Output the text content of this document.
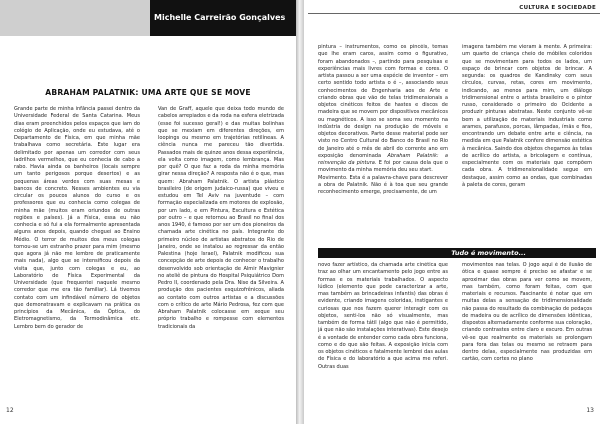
Michelle Carreirão Gonçalves
ABRAHAM PALATNIK: UMA ARTE QUE SE MOVE

Grande parte de minha infância passei dentro da Universidade Federal de Santa Catarina. Meus dias eram preenchidos pelos espaços que iam do colégio de Aplicação, onde eu estudava, até o Departamento de Física, em que minha mãe trabalhava como secretária. Este lugar era delimitado por apenas um corredor com seus ladrilhos vermelhos, que eu conhecia de cabo a rabo. Havia ainda os banheiros (locais sempre um tanto perigosos porque desertos) e as pequenas áreas verdes com suas mesas e bancos de concreto. Nesses ambientes eu via circular os poucos alunos do curso e os professores que eu conhecia como colegas de minha mãe (muitos eram oriundos de outras regiões e países). Já a Física, essa eu não conhecia e só fui a ela formalmente apresentada alguns anos depois, quando cheguei ao Ensino Médio. O terror de muitos dos meus colegas tornou-se um estranho prazer para mim (mesmo que agora já não me lembre de praticamente mais nada), algo que se intensificou depois da visita que, junto com colegas e eu, ao Laboratório de Física Experimental da Universidade (que frequentei naquele mesmo corredor que me era tão familiar). Lá tivemos contato com um infindável número de objetos que demonstravam e explicavam na prática os princípios da Mecânica, da Óptica, do Eletromagnetismo, da Termodinâmica etc. Lembro bem do gerador de

Van de Graff, aquele que deixa todo mundo de cabelos arrepiados e da roda na esfera eletrizada (esse foi sucesso geral!) e das muitas bolinhas que se mexiam em diferentes direções, em loopings ou mesmo em trajetórias retilíneas. A ciência nunca me pareceu tão divertida. Passados mais de quinze anos dessa experiência, ela volta como imagem, como lembrança. Mas por quê? O que faz a roda da minha memória girar nessa direção? A resposta não é o que, mas quem: Abraham Palatnik. O artista plástico brasileiro (de origem judaico-russa) que viveu e estudou em Tel Aviv na juventude – com formação especializada em motores de explosão, por um lado, e em Pintura, Escultura e Estética por outro – e que retornou ao Brasil no final dos anos 1940, é famoso por ser um dos pioneiros da chamada arte cinética no país. Integrante do primeiro núcleo de artistas abstratos do Rio de Janeiro, onde se instalou ao regressar da então Palestina (hoje Israel), Palatnik modificou sua concepção de arte depois de conhecer o trabalho desenvolvido sob orientação de Almir Mavignier no ateliê de pintura do Hospital Psiquiátrico Dom Pedro II, coordenado pela Dra. Nise da Silveira. A produção dos pacientes esquizofrênicos, aliada ao contato com outros artistas e a discussões com o crítico de arte Mário Pedrosa, fez com que Abraham Palatnik colocasse em xeque seu próprio trabalho e rompesse com elementos tradicionais da

12
CULTURA E SOCIEDADE

pintura – instrumentos, como os pincéis, temas que lhe eram caros, assim como o figurativo, foram abandonados –, partindo para pesquisas e experiências mais livres com formas e cores. O artista passou a ser uma espécie de inventor – em certo sentido todo artista o é –, associando seus conhecimentos de Engenharia aos de Arte e criando obras que vão de telas tridimensionais a objetos cinéticos feitos de hastes e discos de madeira que se movem por dispositivos mecânicos ou magnéticos. A isso se soma seu momento na indústria de design na produção de móveis e objetos decorativos. Parte desse material pode ser visto no Centro Cultural do Banco do Brasil no Rio de Janeiro até o mês de abril do corrente ano em exposição denominada Abraham Palatnik: a reinvenção da pintura. E foi por causa dela que o movimento da minha memória deu seu start.

Movimento. Esta é a palavra-chave para descrever a obra de Palatnik. Não é à toa que seu grande reconhecimento emerge, precisamente, de um

imagens também me vieram à mente. A primeira: um quarto de criança cheio de móbiles coloridos que se movimentam para todos os lados, um espaço de brincar com objetos de brincar. A segunda: os quadros de Kandinsky com seus círculos, curvas, retas, cores em movimento, indicando, ao menos para mim, um diálogo tridimensional entre o artista brasileiro e o pintor russo, considerado o primeiro do Ocidente a produzir pinturas abstratas. Neste conjunto vê-se bem a utilização de materiais industriais como arames, parafusos, porcas, lâmpadas, ímãs e fios, encontrando um debate entre arte e ciência, na medida em que Palatnik confere dimensão estética à mecânica. Saindo dos objetos chegamos às telas de acrílico do artista, a bricolagem e contínua, especialmente com os materiais que compõem cada obra. A tridimensionalidade segue em destaque, assim como as ondas, que combinadas à paleta de cores, geram

Tudo é movimento...

novo fazer artístico, da chamada arte cinética que traz ao olhar um encantamento pelo jogo entre as formas e os materiais trabalhados. O aspecto lúdico (elemento que pode caracterizar a arte, mas também as brincadeiras infantis) das obras é evidente, criando imagens coloridas, instigantes e curiosas que nos fazem querer interagir com os objetos, senti-los não só visualmente, mas também de forma tátil (algo que não é permitido, já que não são instalações interativas). Este desejo é a vontade de entender como cada obra funciona, como e do que são feitas. A exposição inicia com os objetos cinéticos e fatalmente lembrei das aulas de Física e do laboratório a que acima me referi. Outras duas

movimentos nas telas. O jogo aqui é de ilusão de ótica e quase sempre é preciso se afastar e se aproximar das obras para ver como se movem, mas também, como foram feitas, com que materiais e recursos. Fascinante é notar que em muitas delas a sensação de tridimensionalidade não passa do resultado da combinação de pedaços de madeira ou de acrílico de dimensões idênticas, dispostos alternadamente conforme sua coloração, criando contrastes entre claro e escuro. Em outras vê-se que realmente os materiais se prolongam para fora das telas ou mesmo se retraem para dentro delas, especialmente nas produzidas em cartão, com cortes no plano

13
